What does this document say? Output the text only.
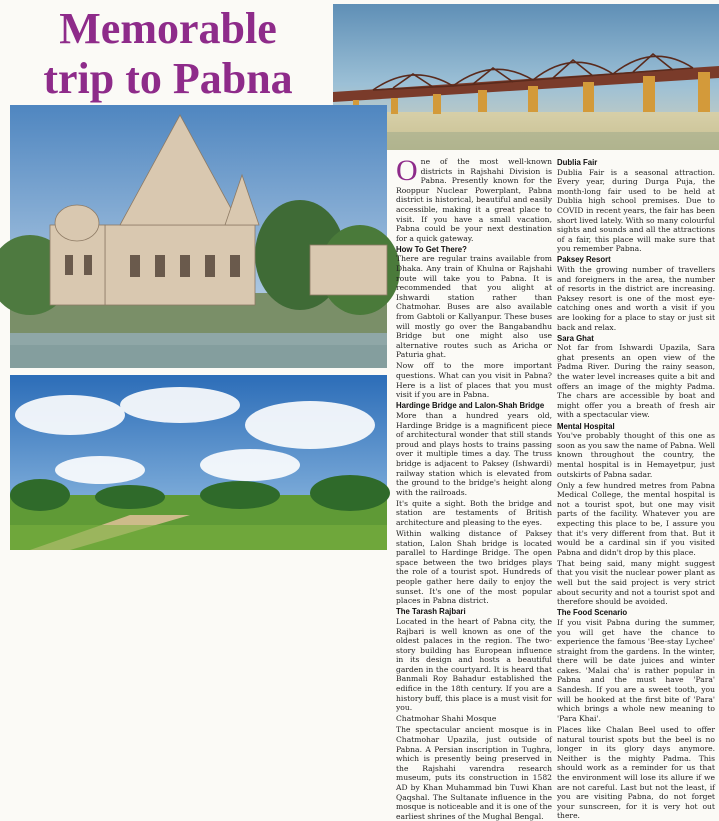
Memorable
trip to Pabna

One of the most well-known districts in Rajshahi Division is Pabna. Presently known for the Rooppur Nuclear Powerplant, Pabna district is historical, beautiful and easily accessible, making it a great place to visit. If you have a small vacation, Pabna could be your next destination for a quick gateway.

How To Get There?

There are regular trains available from Dhaka. Any train of Khulna or Rajshahi route will take you to Pabna. It is recommended that you alight at Ishwardi station rather than Chatmohar. Buses are also available from Gabtoli or Kallyanpur. These buses will mostly go over the Bangabandhu Bridge but one might also use alternative routes such as Aricha or Paturia ghat.

Now off to the more important questions. What can you visit in Pabna? Here is a list of places that you must visit if you are in Pabna.

Hardinge Bridge and Lalon-Shah Bridge

More than a hundred years old, Hardinge Bridge is a magnificent piece of architectural wonder that still stands proud and plays hosts to trains passing over it multiple times a day. The truss bridge is adjacent to Paksey (Ishwardi) railway station which is elevated from the ground to the bridge's height along with the railroads.

It's quite a sight. Both the bridge and station are testaments of British architecture and pleasing to the eyes.

Within walking distance of Paksey station, Lalon Shah bridge is located parallel to Hardinge Bridge. The open space between the two bridges plays the role of a tourist spot. Hundreds of people gather here daily to enjoy the sunset. It's one of the most popular places in Pabna district.

The Tarash Rajbari

Located in the heart of Pabna city, the Rajbari is well known as one of the oldest palaces in the region. The two-story building has European influence in its design and hosts a beautiful garden in the courtyard. It is heard that Banmali Roy Bahadur established the edifice in the 18th century. If you are a history buff, this place is a must visit for you.

Chatmohar Shahi Mosque

The spectacular ancient mosque is in Chatmohar Upazila, just outside of Pabna. A Persian inscription in Tughra, which is presently being preserved in the Rajshahi varendra research museum, puts its construction in 1582 AD by Khan Muhammad bin Tuwi Khan Qaqshal. The Sultanate influence in the mosque is noticeable and it is one of the earliest shrines of the Mughal Bengal.

Dublia Fair

Dublia Fair is a seasonal attraction. Every year, during Durga Puja, the month-long fair used to be held at Dublia high school premises. Due to COVID in recent years, the fair has been short lived lately. With so many colourful sights and sounds and all the attractions of a fair, this place will make sure that you remember Pabna.

Paksey Resort

With the growing number of travellers and foreigners in the area, the number of resorts in the district are increasing. Paksey resort is one of the most eye-catching ones and worth a visit if you are looking for a place to stay or just sit back and relax.

Sara Ghat

Not far from Ishwardi Upazila, Sara ghat presents an open view of the Padma River. During the rainy season, the water level increases quite a bit and offers an image of the mighty Padma. The chars are accessible by boat and might offer you a breath of fresh air with a spectacular view.

Mental Hospital

You've probably thought of this one as soon as you saw the name of Pabna. Well known throughout the country, the mental hospital is in Hemayetpur, just outskirts of Pabna sadar.

Only a few hundred metres from Pabna Medical College, the mental hospital is not a tourist spot, but one may visit parts of the facility. Whatever you are expecting this place to be, I assure you that it's very different from that. But it would be a cardinal sin if you visited Pabna and didn't drop by this place.

That being said, many might suggest that you visit the nuclear power plant as well but the said project is very strict about security and not a tourist spot and therefore should be avoided.

The Food Scenario

If you visit Pabna during the summer, you will get have the chance to experience the famous 'Bee-stay Lychee' straight from the gardens. In the winter, there will be date juices and winter cakes. 'Malai cha' is rather popular in Pabna and the must have 'Para' Sandesh. If you are a sweet tooth, you will be hooked at the first bite of 'Para' which brings a whole new meaning to 'Para Khai'.

Places like Chalan Beel used to offer natural tourist spots but the beel is no longer in its glory days anymore. Neither is the mighty Padma. This should work as a reminder for us that the environment will lose its allure if we are not careful. Last but not the least, if you are visiting Pabna, do not forget your sunscreen, for it is very hot out there.
